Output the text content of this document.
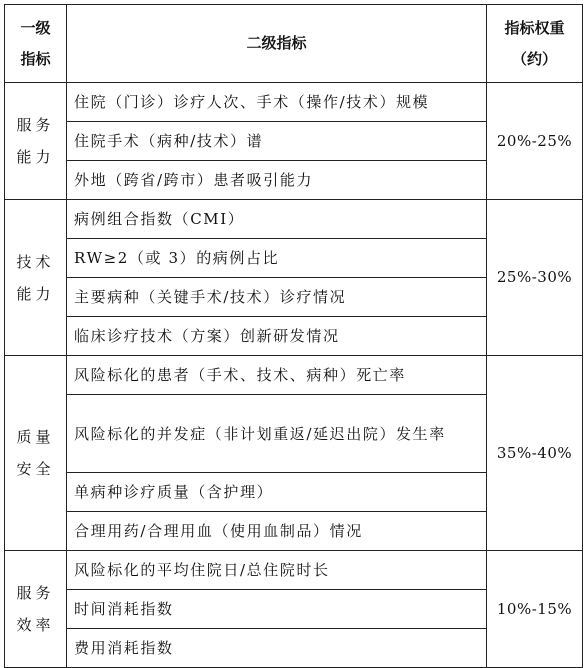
一级
指标	二级指标	指标权重
（约）

服务
能力	住院（门诊）诊疗人次、手术（操作/技术）规模	20%-25%
	住院手术（病种/技术）谱	
	外地（跨省/跨市）患者吸引能力	

技术
能力	病例组合指数（CMI）	25%-30%
	RW≥2（或 3）的病例占比	
	主要病种（关键手术/技术）诊疗情况	
	临床诊疗技术（方案）创新研发情况	

质量
安全	风险标化的患者（手术、技术、病种）死亡率	35%-40%
	风险标化的并发症（非计划重返/延迟出院）发生率	
	单病种诊疗质量（含护理）	
	合理用药/合理用血（使用血制品）情况	

服务
效率	风险标化的平均住院日/总住院时长	10%-15%
	时间消耗指数	
	费用消耗指数	
